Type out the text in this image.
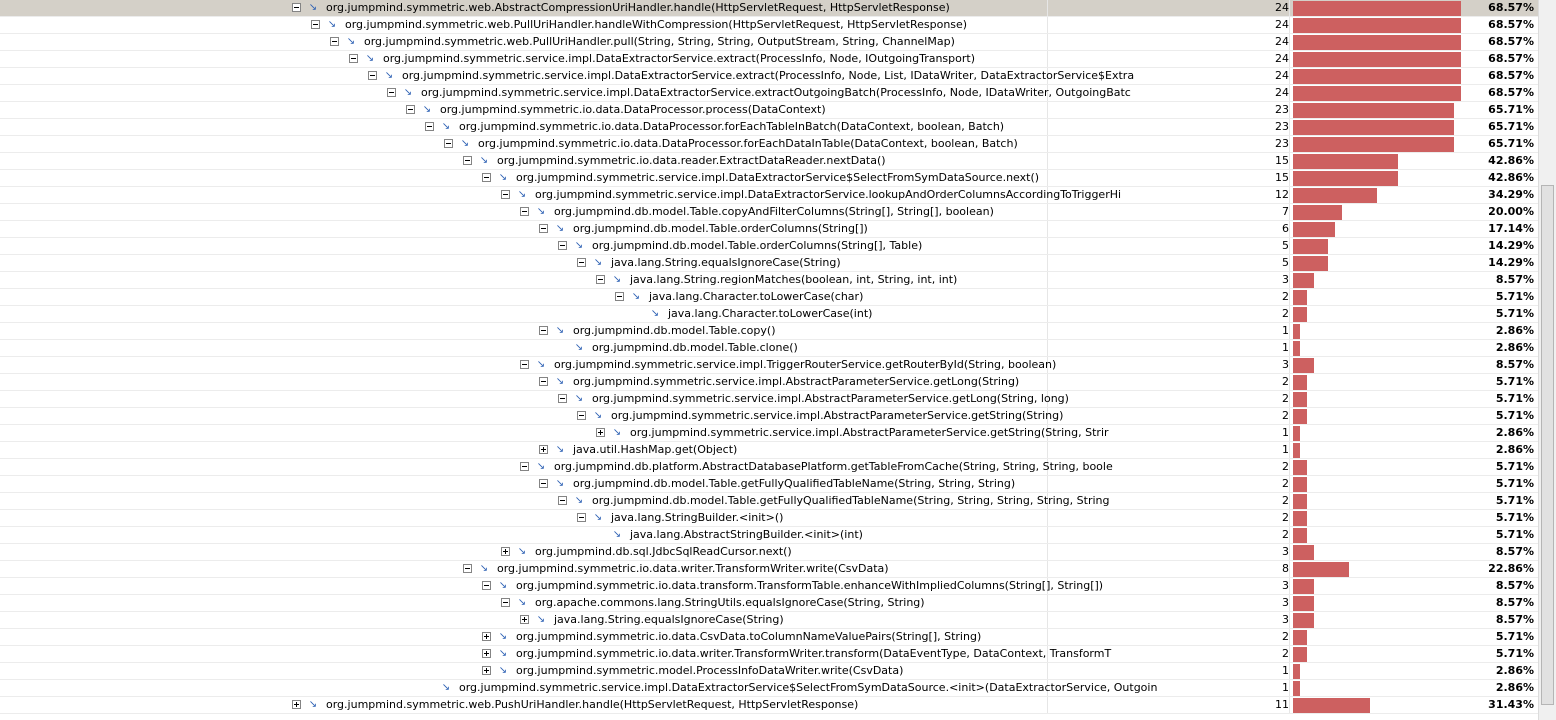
↘ org.jumpmind.symmetric.web.AbstractCompressionUriHandler.handle(HttpServletRequest, HttpServletResponse)	24	68.57%
↘ org.jumpmind.symmetric.web.PullUriHandler.handleWithCompression(HttpServletRequest, HttpServletResponse)	24	68.57%
↘ org.jumpmind.symmetric.web.PullUriHandler.pull(String, String, String, OutputStream, String, ChannelMap)	24	68.57%
↘ org.jumpmind.symmetric.service.impl.DataExtractorService.extract(ProcessInfo, Node, IOutgoingTransport)	24	68.57%
↘ org.jumpmind.symmetric.service.impl.DataExtractorService.extract(ProcessInfo, Node, List, IDataWriter, DataExtractorService$Extra	24	68.57%
↘ org.jumpmind.symmetric.service.impl.DataExtractorService.extractOutgoingBatch(ProcessInfo, Node, IDataWriter, OutgoingBatc	24	68.57%
↘ org.jumpmind.symmetric.io.data.DataProcessor.process(DataContext)	23	65.71%
↘ org.jumpmind.symmetric.io.data.DataProcessor.forEachTableInBatch(DataContext, boolean, Batch)	23	65.71%
↘ org.jumpmind.symmetric.io.data.DataProcessor.forEachDataInTable(DataContext, boolean, Batch)	23	65.71%
↘ org.jumpmind.symmetric.io.data.reader.ExtractDataReader.nextData()	15	42.86%
↘ org.jumpmind.symmetric.service.impl.DataExtractorService$SelectFromSymDataSource.next()	15	42.86%
↘ org.jumpmind.symmetric.service.impl.DataExtractorService.lookupAndOrderColumnsAccordingToTriggerHi	12	34.29%
↘ org.jumpmind.db.model.Table.copyAndFilterColumns(String[], String[], boolean)	7	20.00%
↘ org.jumpmind.db.model.Table.orderColumns(String[])	6	17.14%
↘ org.jumpmind.db.model.Table.orderColumns(String[], Table)	5	14.29%
↘ java.lang.String.equalsIgnoreCase(String)	5	14.29%
↘ java.lang.String.regionMatches(boolean, int, String, int, int)	3	8.57%
↘ java.lang.Character.toLowerCase(char)	2	5.71%
↘ java.lang.Character.toLowerCase(int)	2	5.71%
↘ org.jumpmind.db.model.Table.copy()	1	2.86%
↘ org.jumpmind.db.model.Table.clone()	1	2.86%
↘ org.jumpmind.symmetric.service.impl.TriggerRouterService.getRouterById(String, boolean)	3	8.57%
↘ org.jumpmind.symmetric.service.impl.AbstractParameterService.getLong(String)	2	5.71%
↘ org.jumpmind.symmetric.service.impl.AbstractParameterService.getLong(String, long)	2	5.71%
↘ org.jumpmind.symmetric.service.impl.AbstractParameterService.getString(String)	2	5.71%
↘ org.jumpmind.symmetric.service.impl.AbstractParameterService.getString(String, Strir	1	2.86%
↘ java.util.HashMap.get(Object)	1	2.86%
↘ org.jumpmind.db.platform.AbstractDatabasePlatform.getTableFromCache(String, String, String, boole	2	5.71%
↘ org.jumpmind.db.model.Table.getFullyQualifiedTableName(String, String, String)	2	5.71%
↘ org.jumpmind.db.model.Table.getFullyQualifiedTableName(String, String, String, String, String	2	5.71%
↘ java.lang.StringBuilder.<init>()	2	5.71%
↘ java.lang.AbstractStringBuilder.<init>(int)	2	5.71%
↘ org.jumpmind.db.sql.JdbcSqlReadCursor.next()	3	8.57%
↘ org.jumpmind.symmetric.io.data.writer.TransformWriter.write(CsvData)	8	22.86%
↘ org.jumpmind.symmetric.io.data.transform.TransformTable.enhanceWithImpliedColumns(String[], String[])	3	8.57%
↘ org.apache.commons.lang.StringUtils.equalsIgnoreCase(String, String)	3	8.57%
↘ java.lang.String.equalsIgnoreCase(String)	3	8.57%
↘ org.jumpmind.symmetric.io.data.CsvData.toColumnNameValuePairs(String[], String)	2	5.71%
↘ org.jumpmind.symmetric.io.data.writer.TransformWriter.transform(DataEventType, DataContext, TransformT	2	5.71%
↘ org.jumpmind.symmetric.model.ProcessInfoDataWriter.write(CsvData)	1	2.86%
↘ org.jumpmind.symmetric.service.impl.DataExtractorService$SelectFromSymDataSource.<init>(DataExtractorService, Outgoin	1	2.86%
↘ org.jumpmind.symmetric.web.PushUriHandler.handle(HttpServletRequest, HttpServletResponse)	11	31.43%
